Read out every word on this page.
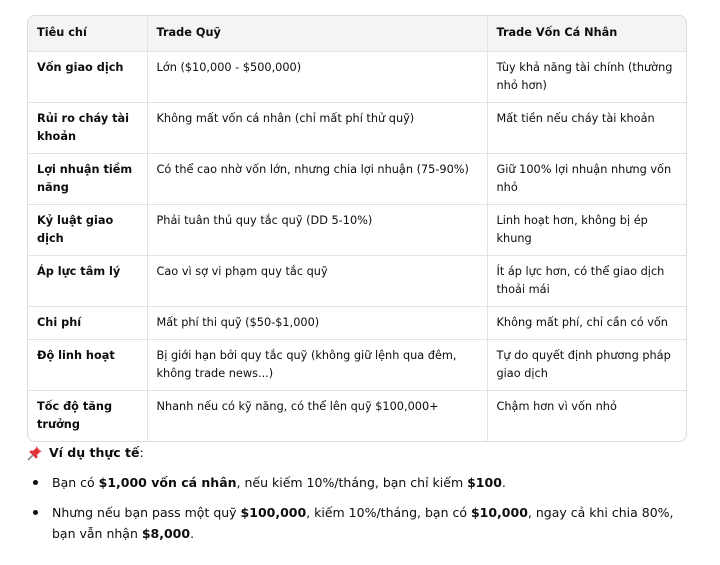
Tiêu chí	Trade Quỹ	Trade Vốn Cá Nhân
Vốn giao dịch	Lớn ($10,000 - $500,000)	Tùy khả năng tài chính (thường nhỏ hơn)
Rủi ro cháy tài khoản	Không mất vốn cá nhân (chỉ mất phí thử quỹ)	Mất tiền nếu cháy tài khoản
Lợi nhuận tiềm năng	Có thể cao nhờ vốn lớn, nhưng chia lợi nhuận (75-90%)	Giữ 100% lợi nhuận nhưng vốn nhỏ
Kỷ luật giao dịch	Phải tuân thủ quy tắc quỹ (DD 5-10%)	Linh hoạt hơn, không bị ép khung
Áp lực tâm lý	Cao vì sợ vi phạm quy tắc quỹ	Ít áp lực hơn, có thể giao dịch thoải mái
Chi phí	Mất phí thi quỹ ($50-$1,000)	Không mất phí, chỉ cần có vốn
Độ linh hoạt	Bị giới hạn bởi quy tắc quỹ (không giữ lệnh qua đêm, không trade news...)	Tự do quyết định phương pháp giao dịch
Tốc độ tăng trưởng	Nhanh nếu có kỹ năng, có thể lên quỹ $100,000+	Chậm hơn vì vốn nhỏ
Ví dụ thực tế :
Bạn có $1,000 vốn cá nhân, nếu kiếm 10%/tháng, bạn chỉ kiếm $100.
Nhưng nếu bạn pass một quỹ $100,000, kiếm 10%/tháng, bạn có $10,000, ngay cả khi chia 80%, bạn vẫn nhận $8,000.
